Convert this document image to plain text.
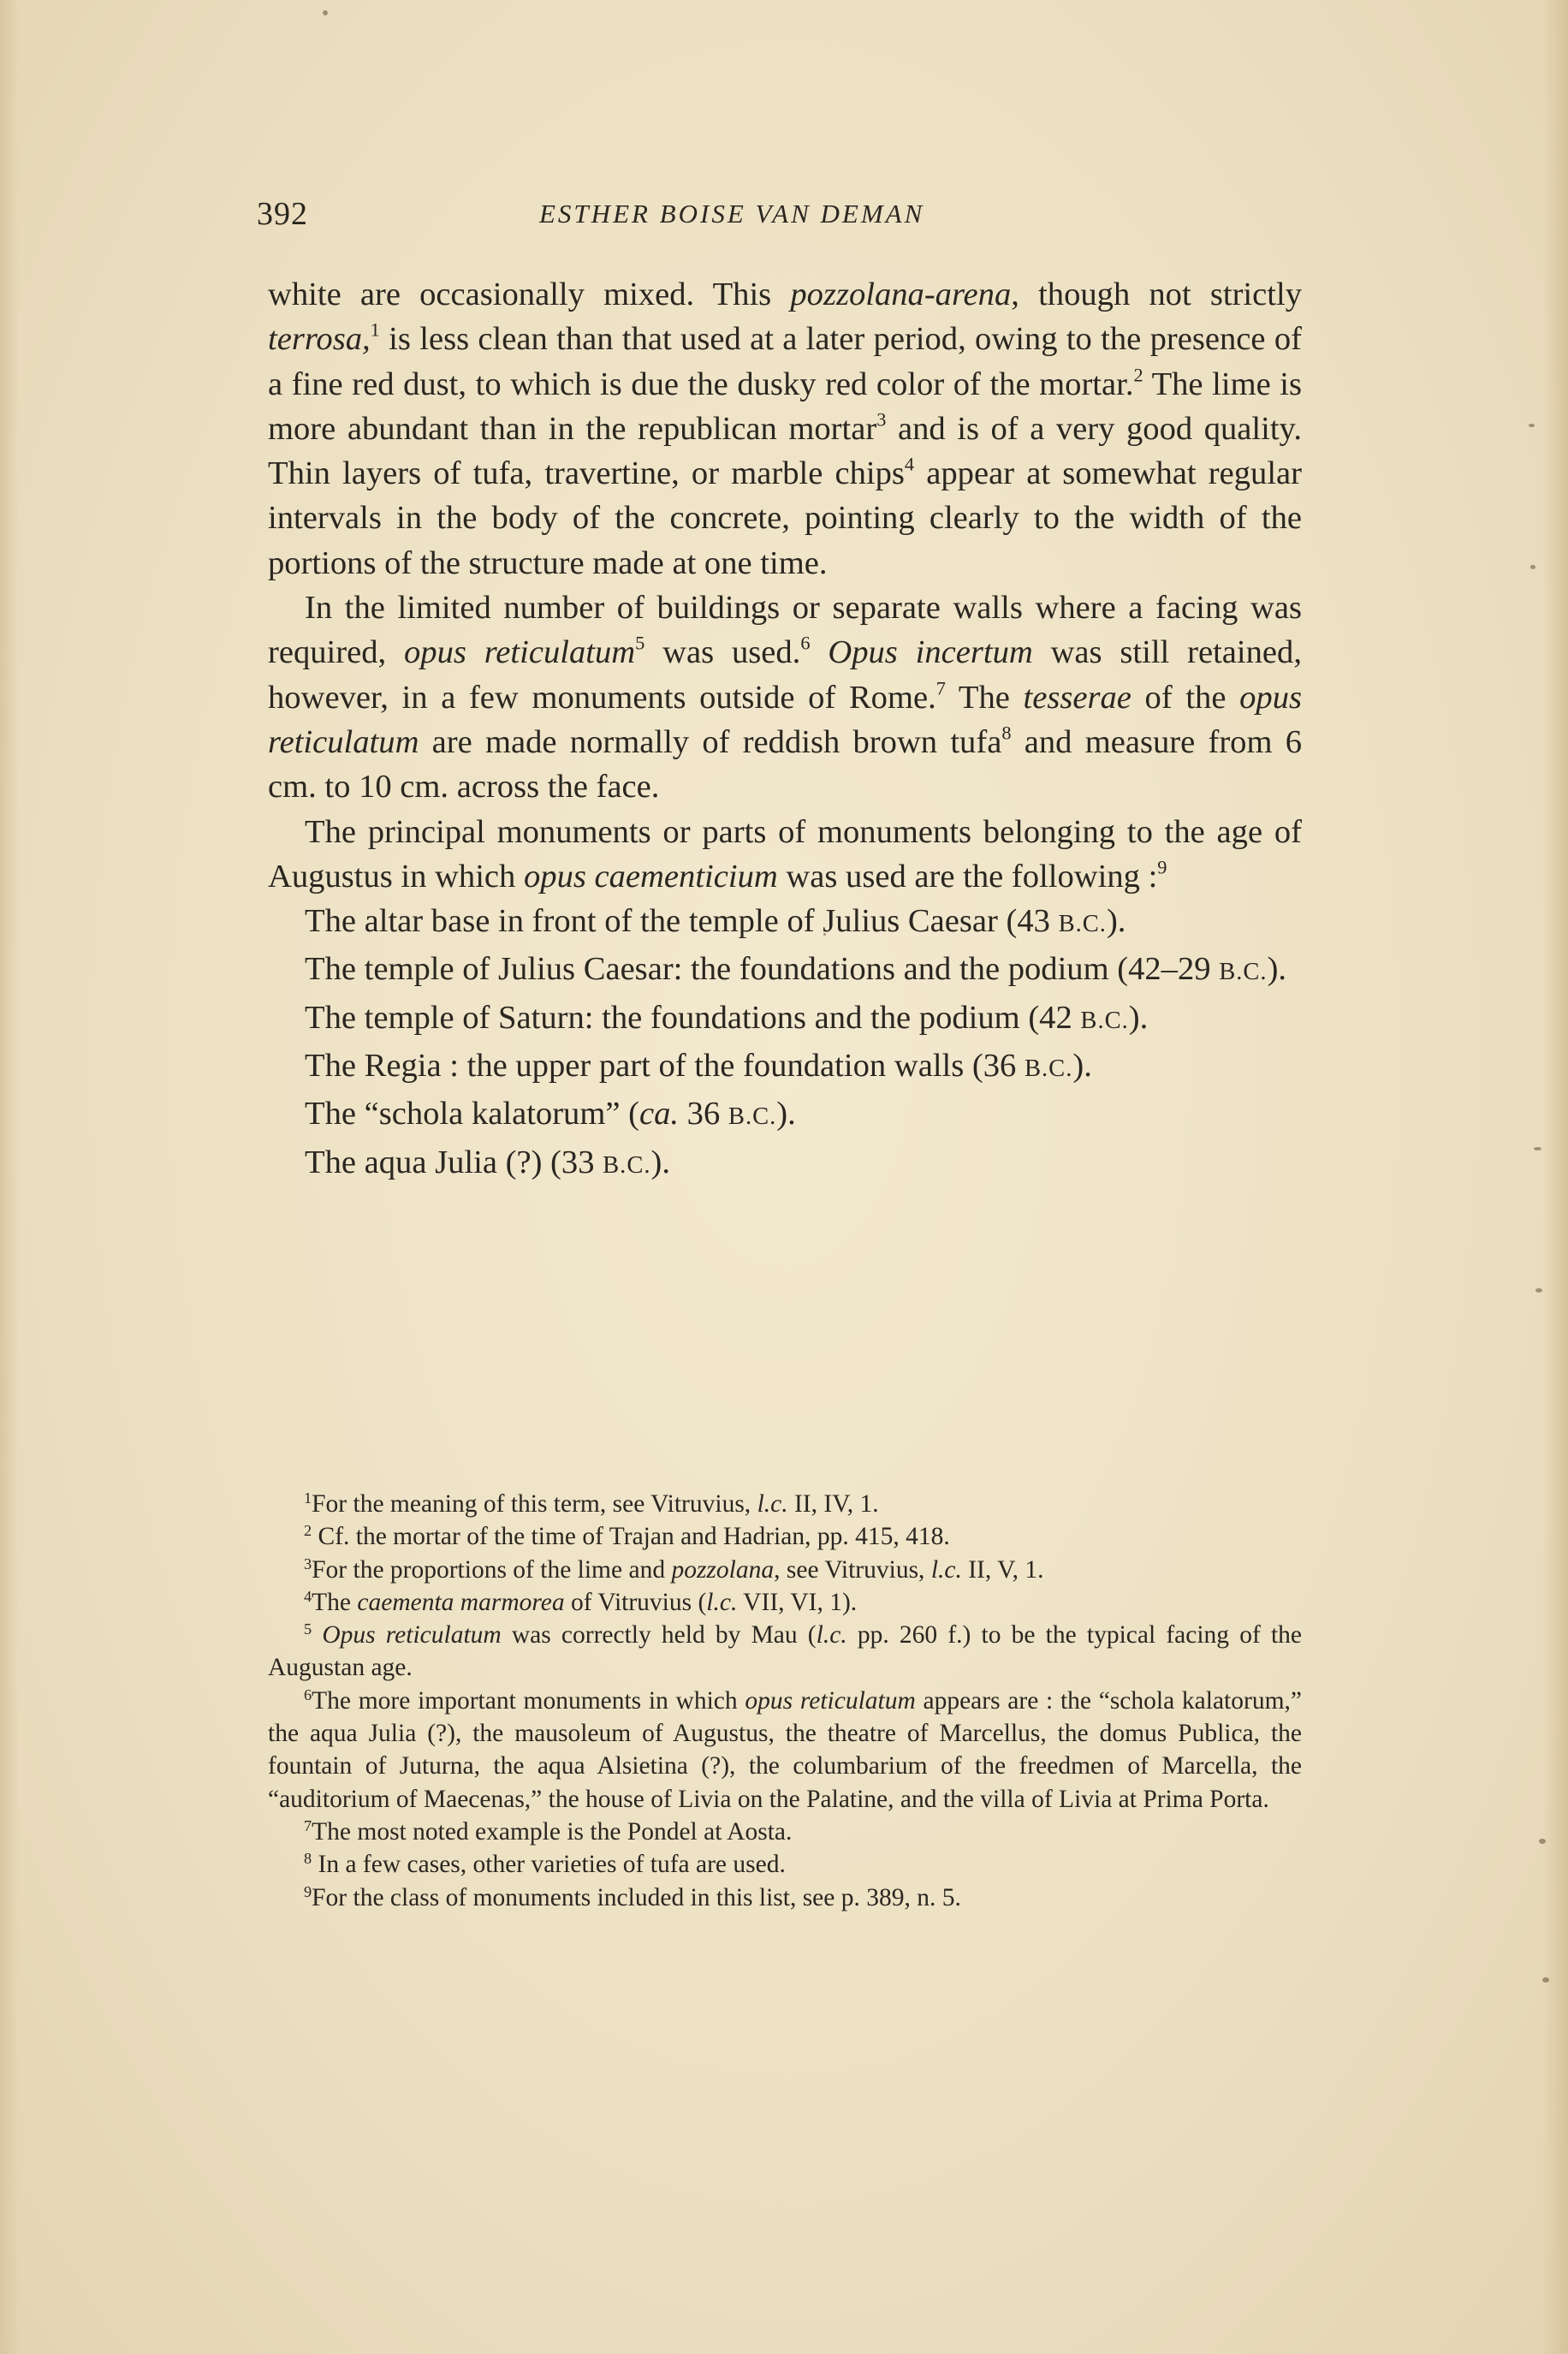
392	ESTHER BOISE VAN DEMAN

white are occasionally mixed. This pozzolana-arena, though not strictly terrosa,$^1$ is less clean than that used at a later period, owing to the presence of a fine red dust, to which is due the dusky red color of the mortar.$^2$ The lime is more abundant than in the republican mortar$^3$ and is of a very good quality. Thin layers of tufa, travertine, or marble chips$^4$ appear at somewhat regular intervals in the body of the concrete, pointing clearly to the width of the portions of the structure made at one time.

In the limited number of buildings or separate walls where a facing was required, opus reticulatum$^5$ was used.$^6$ Opus incertum was still retained, however, in a few monuments outside of Rome.$^7$ The tesserae of the opus reticulatum are made normally of reddish brown tufa$^8$ and measure from 6 cm. to 10 cm. across the face.

The principal monuments or parts of monuments belonging to the age of Augustus in which opus caementicium was used are the following :$^9$

The altar base in front of the temple of Julius Caesar (43 B.C.).

The temple of Julius Caesar: the foundations and the podium (42–29 B.C.).

The temple of Saturn: the foundations and the podium (42 B.C.).

The Regia : the upper part of the foundation walls (36 B.C.).

The “schola kalatorum” (ca. 36 B.C.).

The aqua Julia (?) (33 B.C.).

$^1$For the meaning of this term, see Vitruvius, l.c. II, IV, 1.

$^2$ Cf. the mortar of the time of Trajan and Hadrian, pp. 415, 418.

$^3$For the proportions of the lime and pozzolana, see Vitruvius, l.c. II, V, 1.

$^4$The caementa marmorea of Vitruvius (l.c. VII, VI, 1).

$^5$ Opus reticulatum was correctly held by Mau (l.c. pp. 260 f.) to be the typical facing of the Augustan age.

$^6$The more important monuments in which opus reticulatum appears are : the “schola kalatorum,” the aqua Julia (?), the mausoleum of Augustus, the theatre of Marcellus, the domus Publica, the fountain of Juturna, the aqua Alsietina (?), the columbarium of the freedmen of Marcella, the “auditorium of Maecenas,” the house of Livia on the Palatine, and the villa of Livia at Prima Porta.

$^7$The most noted example is the Pondel at Aosta.

$^8$ In a few cases, other varieties of tufa are used.

$^9$For the class of monuments included in this list, see p. 389, n. 5.
